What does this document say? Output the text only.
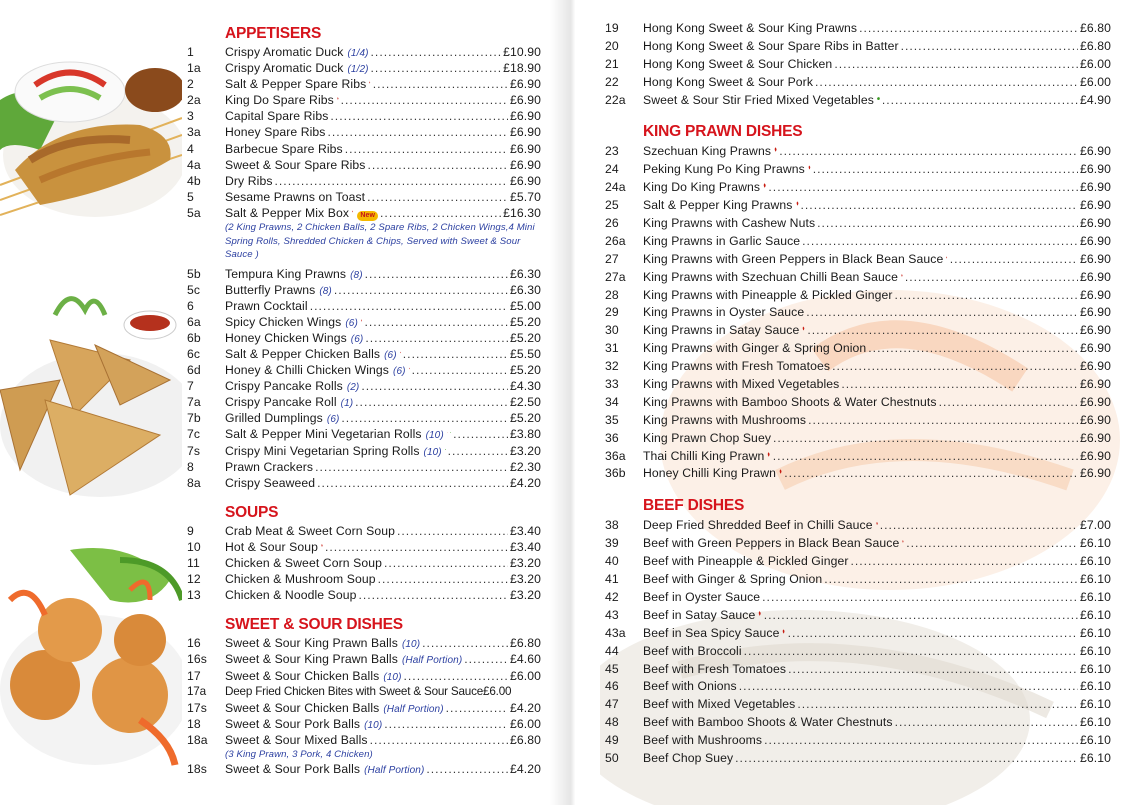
APPETISERS
1	Crispy Aromatic Duck (1/4) .....	£10.90
1a	Crispy Aromatic Duck (1/2) .....	£18.90
2	Salt & Pepper Spare Ribs .....	£6.90
2a	King Do Spare Ribs .....	£6.90
3	Capital Spare Ribs .....	£6.90
3a	Honey Spare Ribs .....	£6.90
4	Barbecue Spare Ribs .....	£6.90
4a	Sweet & Sour Spare Ribs .....	£6.90
4b	Dry Ribs .....	£6.90
5	Sesame Prawns on Toast .....	£5.70
5a	Salt & Pepper Mix Box	New .....	£16.30
(2 King Prawns, 2 Chicken Balls, 2 Spare Ribs, 2 Chicken Wings,4 Mini Spring Rolls, Shredded Chicken & Chips, Served with Sweet & Sour Sauce )
5b	Tempura King Prawns (8) .....	£6.30
5c	Butterfly Prawns (8) .....	£6.30
6	Prawn Cocktail .....	£5.00
6a	Spicy Chicken Wings (6) .....	£5.20
6b	Honey Chicken Wings (6) .....	£5.20
6c	Salt & Pepper Chicken Balls (6) .....	£5.50
6d	Honey & Chilli Chicken Wings (6) .....	£5.20
7	Crispy Pancake Rolls (2) .....	£4.30
7a	Crispy Pancake Roll (1) .....	£2.50
7b	Grilled Dumplings (6) .....	£5.20
7c	Salt & Pepper Mini Vegetarian Rolls (10) .....	£3.80
7s	Crispy Mini Vegetarian Spring Rolls (10) .....	£3.20
8	Prawn Crackers .....	£2.30
8a	Crispy Seaweed .....	£4.20
SOUPS
9	Crab Meat & Sweet Corn Soup .....	£3.40
10	Hot & Sour Soup .....	£3.40
11	Chicken & Sweet Corn Soup .....	£3.20
12	Chicken & Mushroom Soup .....	£3.20
13	Chicken & Noodle Soup .....	£3.20
SWEET & SOUR DISHES
16	Sweet & Sour King Prawn Balls (10) .....	£6.80
16s	Sweet & Sour King Prawn Balls (Half Portion) .....	£4.60
17	Sweet & Sour Chicken Balls (10) .....	£6.00
17a	Deep Fried Chicken Bites with Sweet & Sour Sauce £6.00
17s	Sweet & Sour Chicken Balls (Half Portion) .....	£4.20
18	Sweet & Sour Pork Balls (10) .....	£6.00
18a	Sweet & Sour Mixed Balls .....	£6.80
(3 King Prawn, 3 Pork, 4 Chicken)
18s	Sweet & Sour Pork Balls (Half Portion) .....	£4.20
19	Hong Kong Sweet & Sour King Prawns .....	£6.80
20	Hong Kong Sweet & Sour Spare Ribs in Batter .....	£6.80
21	Hong Kong Sweet & Sour Chicken .....	£6.00
22	Hong Kong Sweet & Sour Pork .....	£6.00
22a	Sweet & Sour Stir Fried Mixed Vegetables .....	£4.90
KING PRAWN DISHES
23	Szechuan King Prawns .....	£6.90
24	Peking Kung Po King Prawns .....	£6.90
24a	King Do King Prawns .....	£6.90
25	Salt & Pepper King Prawns .....	£6.90
26	King Prawns with Cashew Nuts .....	£6.90
26a	King Prawns in Garlic Sauce .....	£6.90
27	King Prawns with Green Peppers in Black Bean Sauce .....	£6.90
27a	King Prawns with Szechuan Chilli Bean Sauce .....	£6.90
28	King Prawns with Pineapple & Pickled Ginger .....	£6.90
29	King Prawns in Oyster Sauce .....	£6.90
30	King Prawns in Satay Sauce .....	£6.90
31	King Prawns with Ginger & Spring Onion .....	£6.90
32	King Prawns with Fresh Tomatoes .....	£6.90
33	King Prawns with Mixed Vegetables .....	£6.90
34	King Prawns with Bamboo Shoots & Water Chestnuts .....	£6.90
35	King Prawns with Mushrooms .....	£6.90
36	King Prawn Chop Suey .....	£6.90
36a	Thai Chilli King Prawn .....	£6.90
36b	Honey Chilli King Prawn .....	£6.90
BEEF DISHES
38	Deep Fried Shredded Beef in Chilli Sauce .....	£7.00
39	Beef with Green Peppers in Black Bean Sauce .....	£6.10
40	Beef with Pineapple & Pickled Ginger .....	£6.10
41	Beef with Ginger & Spring Onion .....	£6.10
42	Beef in Oyster Sauce .....	£6.10
43	Beef in Satay Sauce .....	£6.10
43a	Beef in Sea Spicy Sauce .....	£6.10
44	Beef with Broccoli .....	£6.10
45	Beef with Fresh Tomatoes .....	£6.10
46	Beef with Onions .....	£6.10
47	Beef with Mixed Vegetables .....	£6.10
48	Beef with Bamboo Shoots & Water Chestnuts .....	£6.10
49	Beef with Mushrooms .....	£6.10
50	Beef Chop Suey .....	£6.10
